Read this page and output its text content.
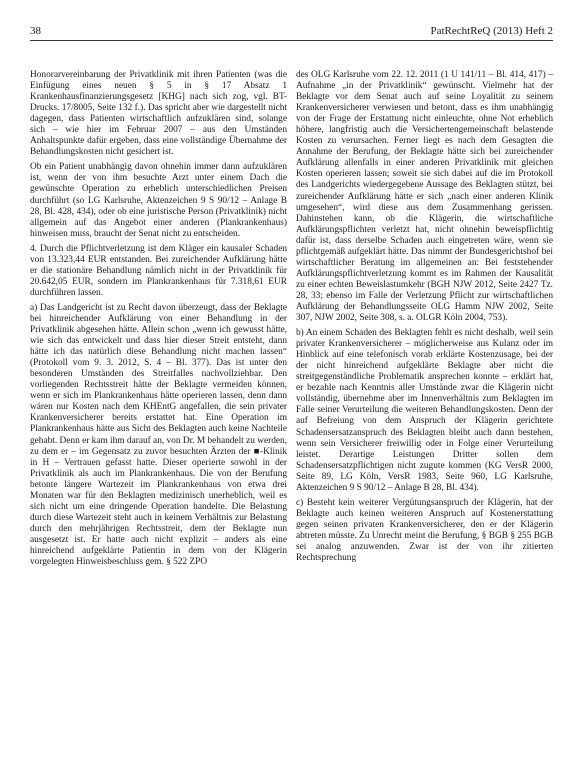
38	PatRechtReQ (2013) Heft 2

Honorarvereinbarung der Privatklinik mit ihren Patienten (was die Einfügung eines neuen § 5 in § 17 Absatz 1 Krankenhausfinanzierungsgesetz [KHG] nach sich zog, vgl. BT-Drucks. 17/8005, Seite 132 f.). Das spricht aber wie dargestellt nicht dagegen, dass Patienten wirtschaftlich aufzuklären sind, solange sich – wie hier im Februar 2007 – aus den Umständen Anhaltspunkte dafür ergeben, dass eine vollständige Übernahme der Behandlungskosten nicht gesichert ist.

Ob ein Patient unabhängig davon ohnehin immer dann aufzuklären ist, wenn der von ihm besuchte Arzt unter einem Dach die gewünschte Operation zu erheblich unterschiedlichen Preisen durchführt (so LG Karlsruhe, Aktenzeichen 9 S 90/12 – Anlage B 28, Bl. 428, 434), oder ob eine juristische Person (Privatklinik) nicht allgemein auf das Angebot einer anderen (Plankrankenhaus) hinweisen muss, braucht der Senat nicht zu entscheiden.

4. Durch die Pflichtverletzung ist dem Kläger ein kausaler Schaden von 13.323,44 EUR entstanden. Bei zureichender Aufklärung hätte er die stationäre Behandlung nämlich nicht in der Privatklinik für 20.642,05 EUR, sondern im Plankrankenhaus für 7.318,61 EUR durchführen lassen.

a) Das Landgericht ist zu Recht davon überzeugt, dass der Beklagte bei hinreichender Aufklärung von einer Behandlung in der Privatklinik abgesehen hätte. Allein schon „wenn ich gewusst hätte, wie sich das entwickelt und dass hier dieser Streit entsteht, dann hätte ich das natürlich diese Behandlung nicht machen lassen“ (Protokoll vom 9. 3. 2012, S. 4 – Bl. 377). Das ist unter den besonderen Umständen des Streitfalles nachvollziehbar. Den vorliegenden Rechtsstreit hätte der Beklagte vermeiden können, wenn er sich im Plankrankenhaus hätte operieren lassen, denn dann wären nur Kosten nach dem KHEntG angefallen, die sein privater Krankenversicherer bereits erstattet hat. Eine Operation im Plankrankenhaus hätte aus Sicht des Beklagten auch keine Nachteile gehabt. Denn er kam ihm darauf an, von Dr. M behandelt zu werden, zu dem er – im Gegensatz zu zuvor besuchten Ärzten der ■-Klinik in H – Vertrauen gefasst hatte. Dieser operierte sowohl in der Privatklinik als auch im Plankrankenhaus. Die von der Berufung betonte längere Wartezeit im Plankrankenhaus von etwa drei Monaten war für den Beklagten medizinisch unerheblich, weil es sich nicht um eine dringende Operation handelte. Die Belastung durch diese Wartezeit steht auch in keinem Verhältnis zur Belastung durch den mehrjährigen Rechtsstreit, dem der Beklagte nun ausgesetzt ist. Er hatte auch nicht explizit – anders als eine hinreichend aufgeklärte Patientin in dem von der Klägerin vorgelegten Hinweisbeschluss gem. § 522 ZPO

des OLG Karlsruhe vom 22. 12. 2011 (1 U 141/11 – Bl. 414, 417) – Aufnahme „in der Privatklinik“ gewünscht. Vielmehr hat der Beklagte vor dem Senat auch auf seine Loyalität zu seinem Krankenversicherer verwiesen und betont, dass es ihm unabhängig von der Frage der Erstattung nicht einleuchte, ohne Not erheblich höhere, langfristig auch die Versichertengemeinschaft belastende Kosten zu verursachen. Ferner liegt es nach dem Gesagten die Annahme der Berufung, der Beklagte hätte sich bei zureichender Aufklärung allenfalls in einer anderen Privatklinik mit gleichen Kosten operieren lassen; soweit sie sich dabei auf die im Protokoll des Landgerichts wiedergegebene Aussage des Beklagten stützt, bei zureichender Aufklärung hätte er sich „nach einer anderen Klinik umgesehen“, wird diese aus dem Zusammenhang gerissen. Dahinstehen kann, ob die Klägerin, die wirtschaftliche Aufklärungspflichten verletzt hat, nicht ohnehin beweispflichtig dafür ist, dass derselbe Schaden auch eingetreten wäre, wenn sie pflichtgemäß aufgeklärt hätte. Das nimmt der Bundesgerichtshof bei wirtschaftlicher Beratung im allgemeinen an: Bei feststehender Aufklärungspflichtverletzung kommt es im Rahmen der Kausalität zu einer echten Beweislastumkehr (BGH NJW 2012, Seite 2427 Tz. 28, 33; ebenso im Falle der Verletzung Pflicht zur wirtschaftlichen Aufklärung der Behandlungsseite OLG Hamm NJW 2002, Seite 307, NJW 2002, Seite 308, s. a. OLGR Köln 2004, 753).

b) An einem Schaden des Beklagten fehlt es nicht deshalb, weil sein privater Krankenversicherer – möglicherweise aus Kulanz oder im Hinblick auf eine telefonisch vorab erklärte Kostenzusage, bei der der nicht hinreichend aufgeklärte Beklagte aber nicht die streitgegenständliche Problematik ansprechen konnte – erklärt hat, er bezahle nach Kenntnis aller Umstände zwar die Klägerin nicht vollständig, übernehme aber im Innenverhältnis zum Beklagten im Falle seiner Verurteilung die weiteren Behandlungskosten. Denn der auf Befreiung von dem Anspruch der Klägerin gerichtete Schadensersatzanspruch des Beklagten bleibt auch dann bestehen, wenn sein Versicherer freiwillig oder in Folge einer Verurteilung leistet. Derartige Leistungen Dritter sollen dem Schadensersatzpflichtigen nicht zugute kommen (KG VersR 2000, Seite 89, LG Köln, VersR 1983, Seite 960, LG Karlsruhe, Aktenzeichen 9 S 90/12 – Anlage B 28, Bl. 434).

c) Besteht kein weiterer Vergütungsanspruch der Klägerin, hat der Beklagte auch keinen weiteren Anspruch auf Kostenerstattung gegen seinen privaten Krankenversicherer, den er der Klägerin abtreten müsste. Zu Unrecht meint die Berufung, § BGB § 255 BGB sei analog anzuwenden. Zwar ist der von ihr zitierten Rechtsprechung
